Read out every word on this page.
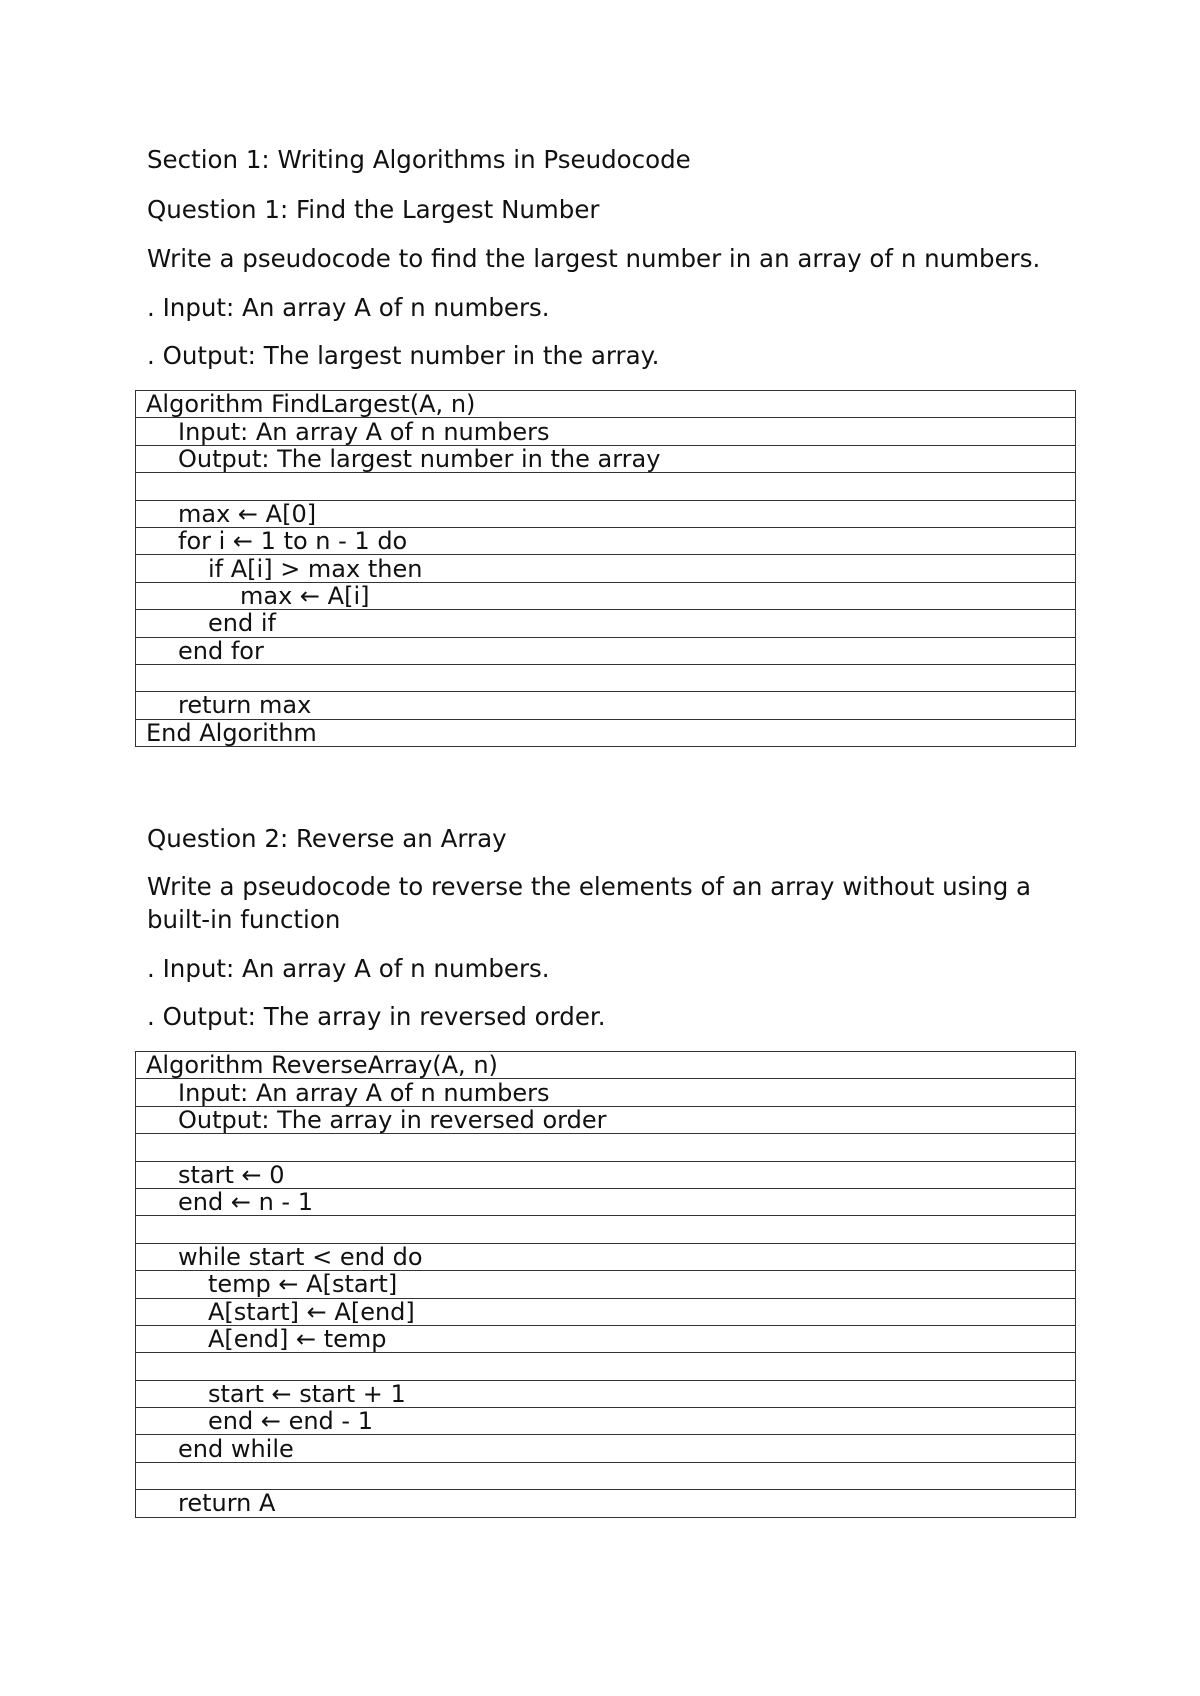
Section 1: Writing Algorithms in Pseudocode

Question 1: Find the Largest Number

Write a pseudocode to find the largest number in an array of n numbers.

. Input: An array A of n numbers.

. Output: The largest number in the array.

Algorithm FindLargest(A, n)
Input: An array A of n numbers
Output: The largest number in the array

max ← A[0]
for i ← 1 to n - 1 do
if A[i] > max then
max ← A[i]
end if
end for

return max
End Algorithm

Question 2: Reverse an Array

Write a pseudocode to reverse the elements of an array without using a built-in function

. Input: An array A of n numbers.

. Output: The array in reversed order.

Algorithm ReverseArray(A, n)
Input: An array A of n numbers
Output: The array in reversed order

start ← 0
end ← n - 1

while start < end do
temp ← A[start]
A[start] ← A[end]
A[end] ← temp

start ← start + 1
end ← end - 1
end while

return A
